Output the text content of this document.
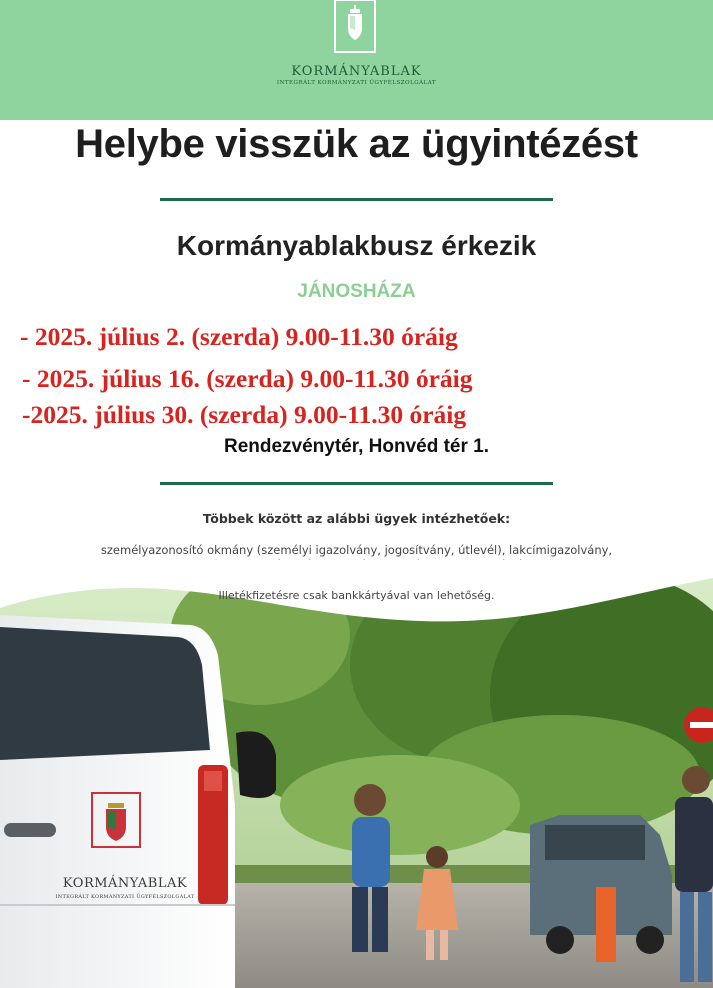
KORMÁNYABLAK
INTEGRÁLT KORMÁNYZATI ÜGYFÉLSZOLGÁLAT
Helybe visszük az ügyintézést
Kormányablakbusz érkezik
JÁNOSHÁZA
- 2025. július 2. (szerda) 9.00-11.30 óráig
- 2025. július 16. (szerda) 9.00-11.30 óráig
-2025. július 30. (szerda) 9.00-11.30 óráig
Rendezvénytér, Honvéd tér 1.
Többek között az alábbi ügyek intézhetőek:
személyazonosító okmány (személyi igazolvány, jogosítvány, útlevél), lakcímigazolvány,
KORMÁNYABLAK
INTEGRÁLT KORMÁNYZATI ÜGYFÉLSZOLGÁLAT
Illetékfizetésre csak bankkártyával van lehetőség.
